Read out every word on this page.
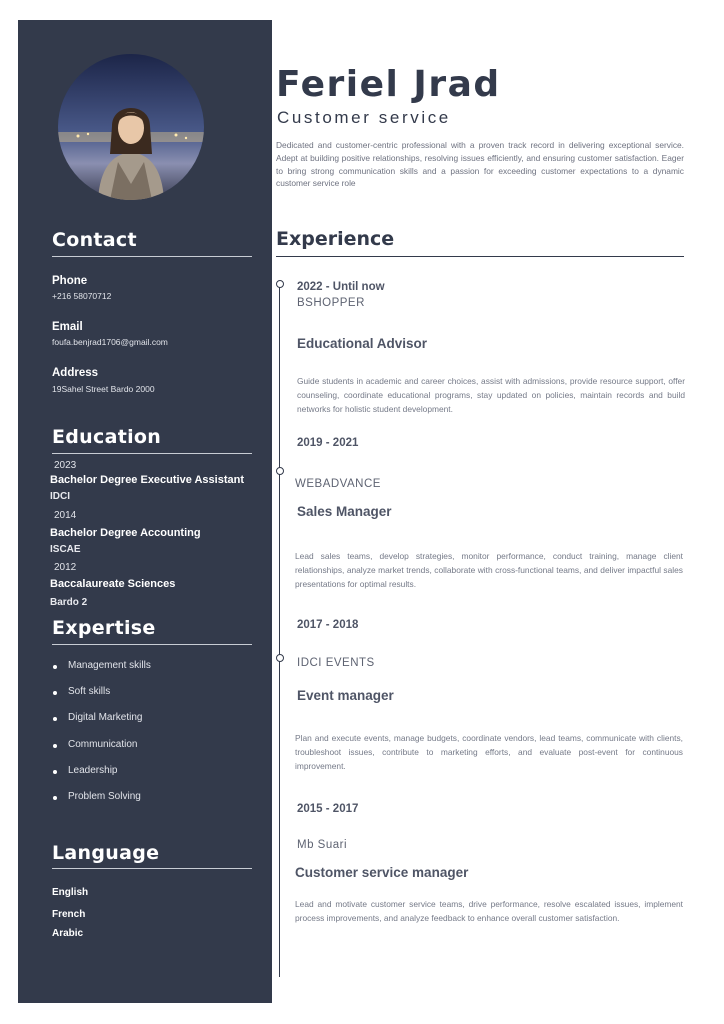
Contact
Phone
+216 58070712
Email
foufa.benjrad1706@gmail.com
Address
19Sahel Street Bardo 2000
Education
2023
Bachelor Degree Executive Assistant
IDCI
2014
Bachelor Degree Accounting
ISCAE
2012
Baccalaureate Sciences
Bardo 2
Expertise
Management skills
Soft skills
Digital Marketing
Communication
Leadership
Problem Solving
Language
English
French
Arabic
Feriel Jrad
Customer service
Dedicated and customer-centric professional with a proven track record in delivering exceptional service. Adept at building positive relationships, resolving issues efficiently, and ensuring customer satisfaction. Eager to bring strong communication skills and a passion for exceeding customer expectations to a dynamic customer service role
Experience
2022 - Until now
BSHOPPER
Educational Advisor
Guide students in academic and career choices, assist with admissions, provide resource support, offer counseling, coordinate educational programs, stay updated on policies, maintain records and build networks for holistic student development.
2019 - 2021
WEBADVANCE
Sales Manager
Lead sales teams, develop strategies, monitor performance, conduct training, manage client relationships, analyze market trends, collaborate with cross-functional teams, and deliver impactful sales presentations for optimal results.
2017 - 2018
IDCI EVENTS
Event manager
Plan and execute events, manage budgets, coordinate vendors, lead teams, communicate with clients, troubleshoot issues, contribute to marketing efforts, and evaluate post-event for continuous improvement.
2015 - 2017
Mb Suari
Customer service manager
Lead and motivate customer service teams, drive performance, resolve escalated issues, implement process improvements, and analyze feedback to enhance overall customer satisfaction.
